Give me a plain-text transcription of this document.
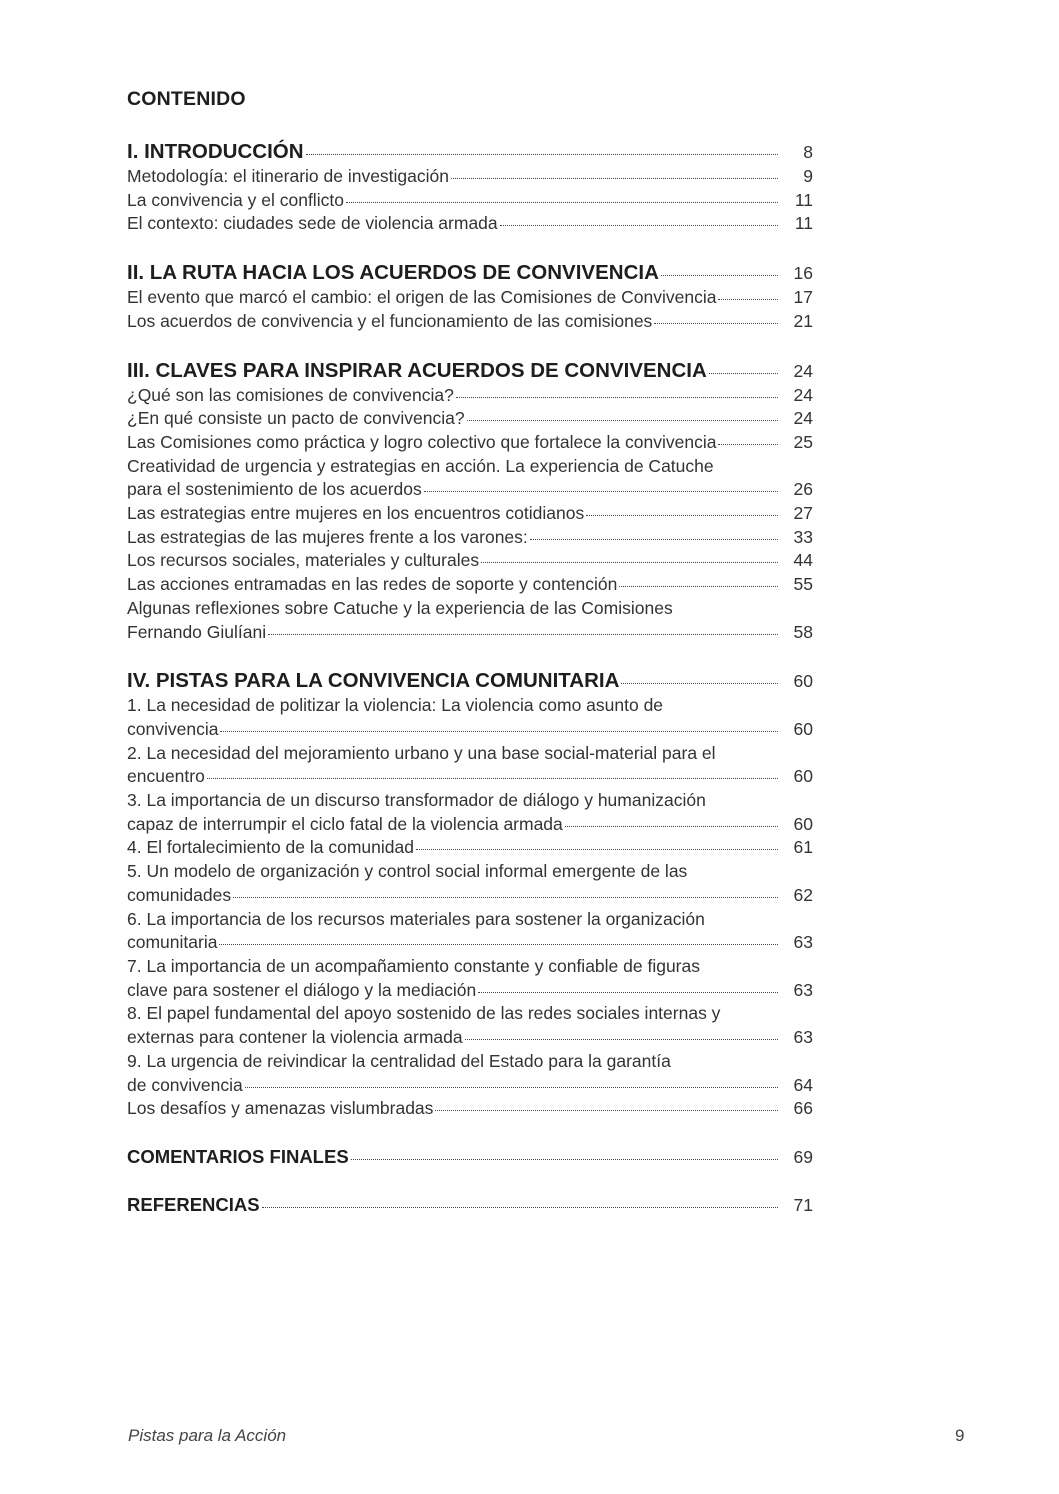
CONTENIDO
I. INTRODUCCIÓN	8
Metodología: el itinerario de investigación	9
La convivencia y el conflicto	11
El contexto: ciudades sede de violencia armada	11
II. LA RUTA HACIA LOS ACUERDOS DE CONVIVENCIA	16
El evento que marcó el cambio: el origen de las Comisiones de Convivencia	17
Los acuerdos de convivencia y el funcionamiento de las comisiones	21
III. CLAVES PARA INSPIRAR ACUERDOS DE CONVIVENCIA	24
¿Qué son las comisiones de convivencia?	24
¿En qué consiste un pacto de convivencia?	24
Las Comisiones como práctica y logro colectivo que fortalece la convivencia	25
Creatividad de urgencia y estrategias en acción. La experiencia de Catuche
para el sostenimiento de los acuerdos	26
Las estrategias entre mujeres en los encuentros cotidianos	27
Las estrategias de las mujeres frente a los varones:	33
Los recursos sociales, materiales y culturales	44
Las acciones entramadas en las redes de soporte y contención	55
Algunas reflexiones sobre Catuche y la experiencia de las Comisiones
Fernando Giulíani	58
IV. PISTAS PARA LA CONVIVENCIA COMUNITARIA	60
1. La necesidad de politizar la violencia: La violencia como asunto de
convivencia	60
2. La necesidad del mejoramiento urbano y una base social-material para el
encuentro	60
3. La importancia de un discurso transformador de diálogo y humanización
capaz de interrumpir el ciclo fatal de la violencia armada	60
4. El fortalecimiento de la comunidad	61
5. Un modelo de organización y control social informal emergente de las
comunidades	62
6. La importancia de los recursos materiales para sostener la organización
comunitaria	63
7. La importancia de un acompañamiento constante y confiable de figuras
clave para sostener el diálogo y la mediación	63
8. El papel fundamental del apoyo sostenido de las redes sociales internas y
externas para contener la violencia armada	63
9. La urgencia de reivindicar la centralidad del Estado para la garantía
de convivencia	64
Los desafíos y amenazas vislumbradas	66
COMENTARIOS FINALES	69
REFERENCIAS	71
Pistas para la Acción	9
